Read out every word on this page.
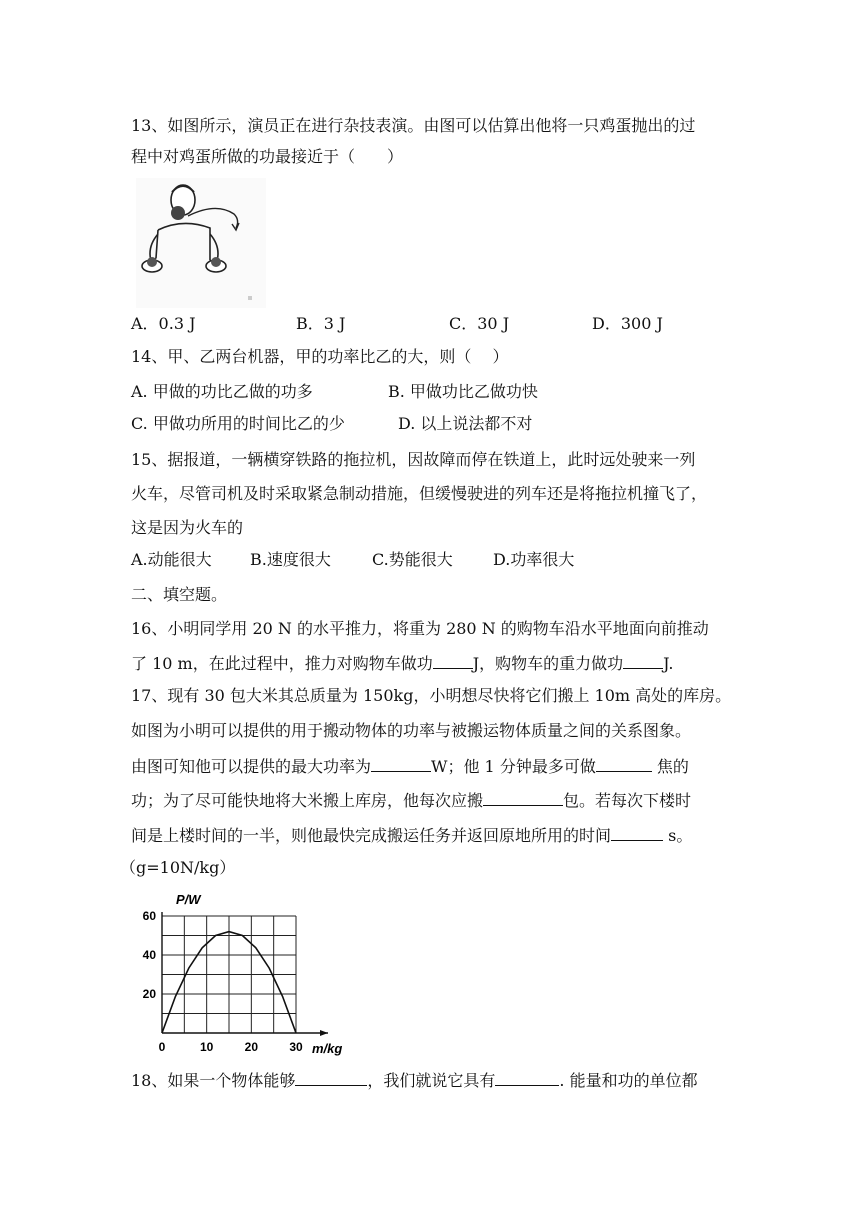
13、如图所示，演员正在进行杂技表演。由图可以估算出他将一只鸡蛋抛出的过
程中对鸡蛋所做的功最接近于（　　）
A．0.3 J	B．3 J	C．30 J	D．300 J
14、甲、乙两台机器，甲的功率比乙的大，则（　 ）
A. 甲做的功比乙做的功多	B. 甲做功比乙做功快
C. 甲做功所用的时间比乙的少	D. 以上说法都不对
15、据报道，一辆横穿铁路的拖拉机，因故障而停在铁道上，此时远处驶来一列
火车，尽管司机及时采取紧急制动措施，但缓慢驶进的列车还是将拖拉机撞飞了，
这是因为火车的
A.动能很大 B.速度很大	C.势能很大	D.功率很大
二、填空题。
16、小明同学用 20 N 的水平推力，将重为 280 N 的购物车沿水平地面向前推动
了 10 m，在此过程中，推力对购物车做功	J，购物车的重力做功	J.
17、现有 30 包大米其总质量为 150kg，小明想尽快将它们搬上 10m 高处的库房。
如图为小明可以提供的用于搬动物体的功率与被搬运物体质量之间的关系图象。
由图可知他可以提供的最大功率为	W；他 1 分钟最多可做	焦的
功；为了尽可能快地将大米搬上库房，他每次应搬	包。若每次下楼时
间是上楼时间的一半，则他最快完成搬运任务并返回原地所用的时间	s。
（g=10N/kg）
0	10	20	30
20
40
60
P/W
m/kg
18、如果一个物体能够	，我们就说它具有	. 能量和功的单位都
